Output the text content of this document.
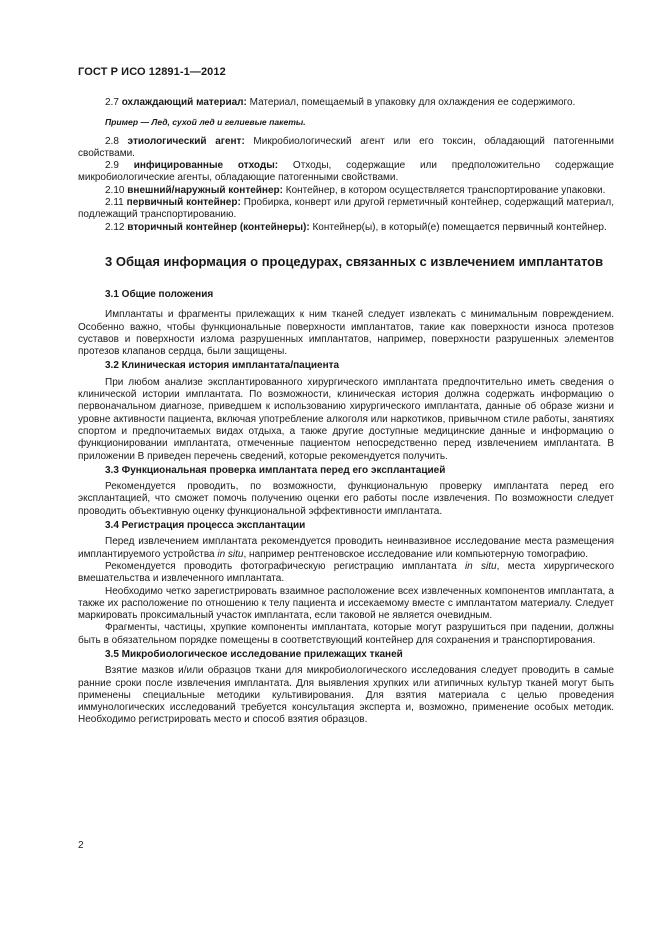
ГОСТ Р ИСО 12891-1—2012

2.7 охлаждающий материал: Материал, помещаемый в упаковку для охлаждения ее содержимого.

Пример — Лед, сухой лед и гелиевые пакеты.

2.8 этиологический агент: Микробиологический агент или его токсин, обладающий патогенными свойствами.

2.9 инфицированные отходы: Отходы, содержащие или предположительно содержащие микробиологические агенты, обладающие патогенными свойствами.

2.10 внешний/наружный контейнер: Контейнер, в котором осуществляется транспортирование упаковки.

2.11 первичный контейнер: Пробирка, конверт или другой герметичный контейнер, содержащий материал, подлежащий транспортированию.

2.12 вторичный контейнер (контейнеры): Контейнер(ы), в который(е) помещается первичный контейнер.

3 Общая информация о процедурах, связанных с извлечением имплантатов
3.1 Общие положения

Имплантаты и фрагменты прилежащих к ним тканей следует извлекать с минимальным повреждением. Особенно важно, чтобы функциональные поверхности имплантатов, такие как поверхности износа протезов суставов и поверхности излома разрушенных имплантатов, например, поверхности разрушенных элементов протезов клапанов сердца, были защищены.

3.2 Клиническая история имплантата/пациента

При любом анализе эксплантированного хирургического имплантата предпочтительно иметь сведения о клинической истории имплантата. По возможности, клиническая история должна содержать информацию о первоначальном диагнозе, приведшем к использованию хирургического имплантата, данные об образе жизни и уровне активности пациента, включая употребление алкоголя или наркотиков, привычном стиле работы, занятиях спортом и предпочитаемых видах отдыха, а также другие доступные медицинские данные и информацию о функционировании имплантата, отмеченные пациентом непосредственно перед извлечением имплантата. В приложении В приведен перечень сведений, которые рекомендуется получить.

3.3 Функциональная проверка имплантата перед его эксплантацией

Рекомендуется проводить, по возможности, функциональную проверку имплантата перед его эксплантацией, что сможет помочь получению оценки его работы после извлечения. По возможности следует проводить объективную оценку функциональной эффективности имплантата.

3.4 Регистрация процесса эксплантации

Перед извлечением имплантата рекомендуется проводить неинвазивное исследование места размещения имплантируемого устройства in situ, например рентгеновское исследование или компьютерную томографию.

Рекомендуется проводить фотографическую регистрацию имплантата in situ, места хирургического вмешательства и извлеченного имплантата.

Необходимо четко зарегистрировать взаимное расположение всех извлеченных компонентов имплантата, а также их расположение по отношению к телу пациента и иссекаемому вместе с имплантатом материалу. Следует маркировать проксимальный участок имплантата, если таковой не является очевидным.

Фрагменты, частицы, хрупкие компоненты имплантата, которые могут разрушиться при падении, должны быть в обязательном порядке помещены в соответствующий контейнер для сохранения и транспортирования.

3.5 Микробиологическое исследование прилежащих тканей

Взятие мазков и/или образцов ткани для микробиологического исследования следует проводить в самые ранние сроки после извлечения имплантата. Для выявления хрупких или атипичных культур тканей могут быть применены специальные методики культивирования. Для взятия материала с целью проведения иммунологических исследований требуется консультация эксперта и, возможно, применение особых методик. Необходимо регистрировать место и способ взятия образцов.

2
